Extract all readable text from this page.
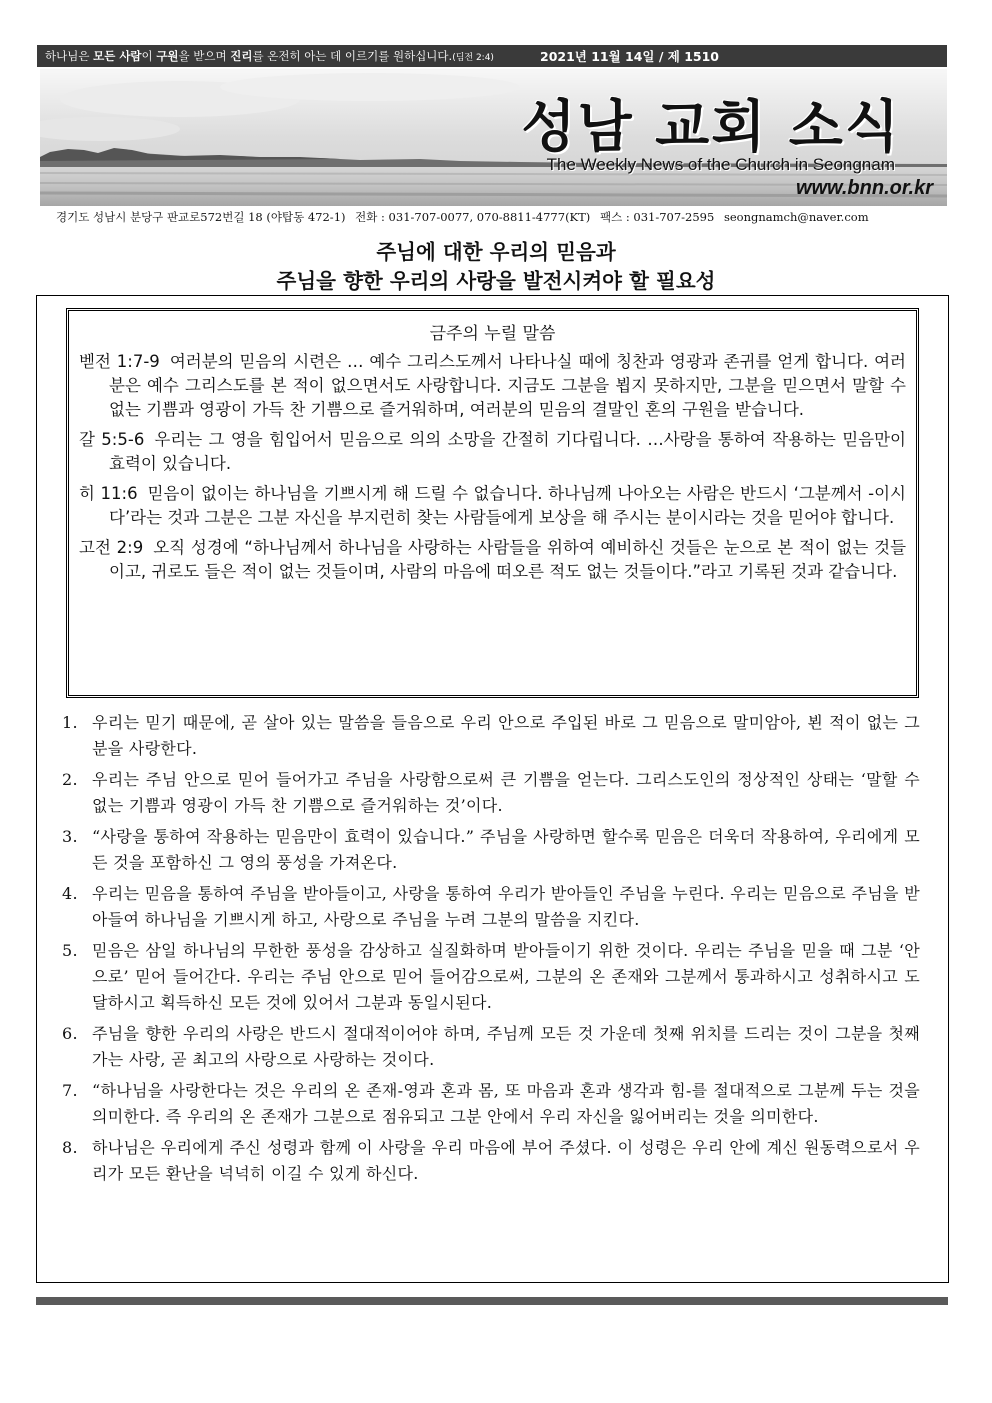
하나님은 모든 사람이 구원을 받으며 진리를 온전히 아는 데 이르기를 원하십니다.(딤전 2:4)	2021년 11월 14일 / 제 1510
성남 교회 소식
The Weekly News of the Church in Seongnam
www.bnn.or.kr
경기도 성남시 분당구 판교로572번길 18 (야탑동 472-1) 전화 : 031-707-0077, 070-8811-4777(KT) 팩스 : 031-707-2595 seongnamch@naver.com
주님에 대한 우리의 믿음과
주님을 향한 우리의 사랑을 발전시켜야 할 필요성
금주의 누릴 말씀
벧전 1:7-9 여러분의 믿음의 시련은 … 예수 그리스도께서 나타나실 때에 칭찬과 영광과 존귀를 얻게 합니다. 여러분은 예수 그리스도를 본 적이 없으면서도 사랑합니다. 지금도 그분을 뵙지 못하지만, 그분을 믿으면서 말할 수 없는 기쁨과 영광이 가득 찬 기쁨으로 즐거워하며, 여러분의 믿음의 결말인 혼의 구원을 받습니다.
갈 5:5-6 우리는 그 영을 힘입어서 믿음으로 의의 소망을 간절히 기다립니다. …사랑을 통하여 작용하는 믿음만이 효력이 있습니다.
히 11:6 믿음이 없이는 하나님을 기쁘시게 해 드릴 수 없습니다. 하나님께 나아오는 사람은 반드시 ‘그분께서 -이시다’라는 것과 그분은 그분 자신을 부지런히 찾는 사람들에게 보상을 해 주시는 분이시라는 것을 믿어야 합니다.
고전 2:9 오직 성경에 “하나님께서 하나님을 사랑하는 사람들을 위하여 예비하신 것들은 눈으로 본 적이 없는 것들이고, 귀로도 들은 적이 없는 것들이며, 사람의 마음에 떠오른 적도 없는 것들이다.”라고 기록된 것과 같습니다.
1. 우리는 믿기 때문에, 곧 살아 있는 말씀을 들음으로 우리 안으로 주입된 바로 그 믿음으로 말미암아, 뵌 적이 없는 그분을 사랑한다.
2. 우리는 주님 안으로 믿어 들어가고 주님을 사랑함으로써 큰 기쁨을 얻는다. 그리스도인의 정상적인 상태는 ‘말할 수 없는 기쁨과 영광이 가득 찬 기쁨으로 즐거워하는 것’이다.
3. “사랑을 통하여 작용하는 믿음만이 효력이 있습니다.” 주님을 사랑하면 할수록 믿음은 더욱더 작용하여, 우리에게 모든 것을 포함하신 그 영의 풍성을 가져온다.
4. 우리는 믿음을 통하여 주님을 받아들이고, 사랑을 통하여 우리가 받아들인 주님을 누린다. 우리는 믿음으로 주님을 받아들여 하나님을 기쁘시게 하고, 사랑으로 주님을 누려 그분의 말씀을 지킨다.
5. 믿음은 삼일 하나님의 무한한 풍성을 감상하고 실질화하며 받아들이기 위한 것이다. 우리는 주님을 믿을 때 그분 ‘안으로’ 믿어 들어간다. 우리는 주님 안으로 믿어 들어감으로써, 그분의 온 존재와 그분께서 통과하시고 성취하시고 도달하시고 획득하신 모든 것에 있어서 그분과 동일시된다.
6. 주님을 향한 우리의 사랑은 반드시 절대적이어야 하며, 주님께 모든 것 가운데 첫째 위치를 드리는 것이 그분을 첫째가는 사랑, 곧 최고의 사랑으로 사랑하는 것이다.
7. “하나님을 사랑한다는 것은 우리의 온 존재-영과 혼과 몸, 또 마음과 혼과 생각과 힘-를 절대적으로 그분께 두는 것을 의미한다. 즉 우리의 온 존재가 그분으로 점유되고 그분 안에서 우리 자신을 잃어버리는 것을 의미한다.
8. 하나님은 우리에게 주신 성령과 함께 이 사랑을 우리 마음에 부어 주셨다. 이 성령은 우리 안에 계신 원동력으로서 우리가 모든 환난을 넉넉히 이길 수 있게 하신다.
